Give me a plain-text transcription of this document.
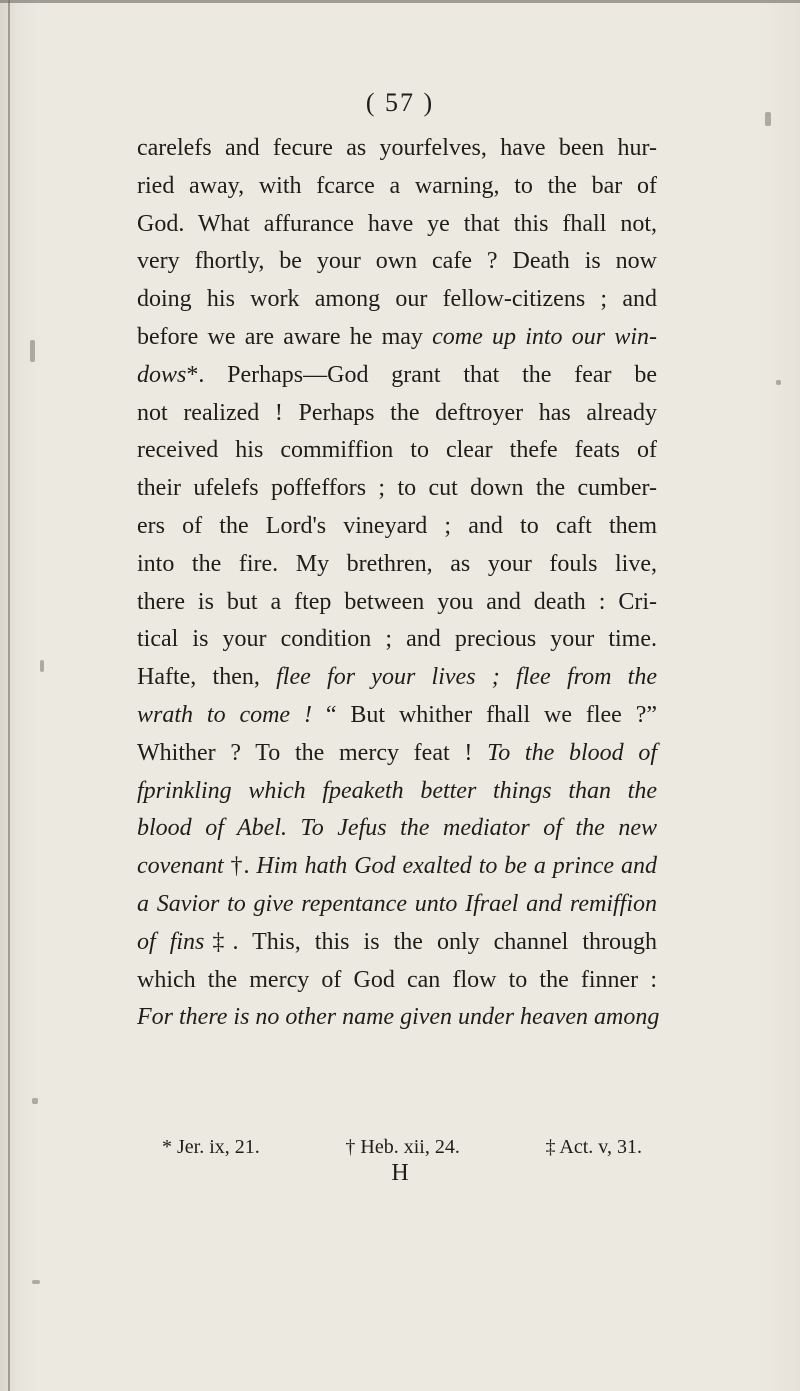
( 57 )
carelefs and fecure as yourfelves, have been hur-
ried away, with fcarce a warning, to the bar of
God. What affurance have ye that this fhall not,
very fhortly, be your own cafe ? Death is now
doing his work among our fellow-citizens ; and
before we are aware he may come up into our win-
dows*. Perhaps—God grant that the fear be
not realized ! Perhaps the deftroyer has already
received his commiffion to clear thefe feats of
their ufelefs poffeffors ; to cut down the cumber-
ers of the Lord's vineyard ; and to caft them
into the fire. My brethren, as your fouls live,
there is but a ftep between you and death : Cri-
tical is your condition ; and precious your time.
Hafte, then, flee for your lives ; flee from the
wrath to come ! “ But whither fhall we flee ?”
Whither ? To the mercy feat ! To the blood of
fprinkling which fpeaketh better things than the
blood of Abel. To Jefus the mediator of the new
covenant †. Him hath God exalted to be a prince and
a Savior to give repentance unto Ifrael and remiffion
of fins‡. This, this is the only channel through
which the mercy of God can flow to the finner :
For there is no other name given under heaven among
* Jer. ix, 21.	† Heb. xii, 24.	‡ Act. v, 31.
H
